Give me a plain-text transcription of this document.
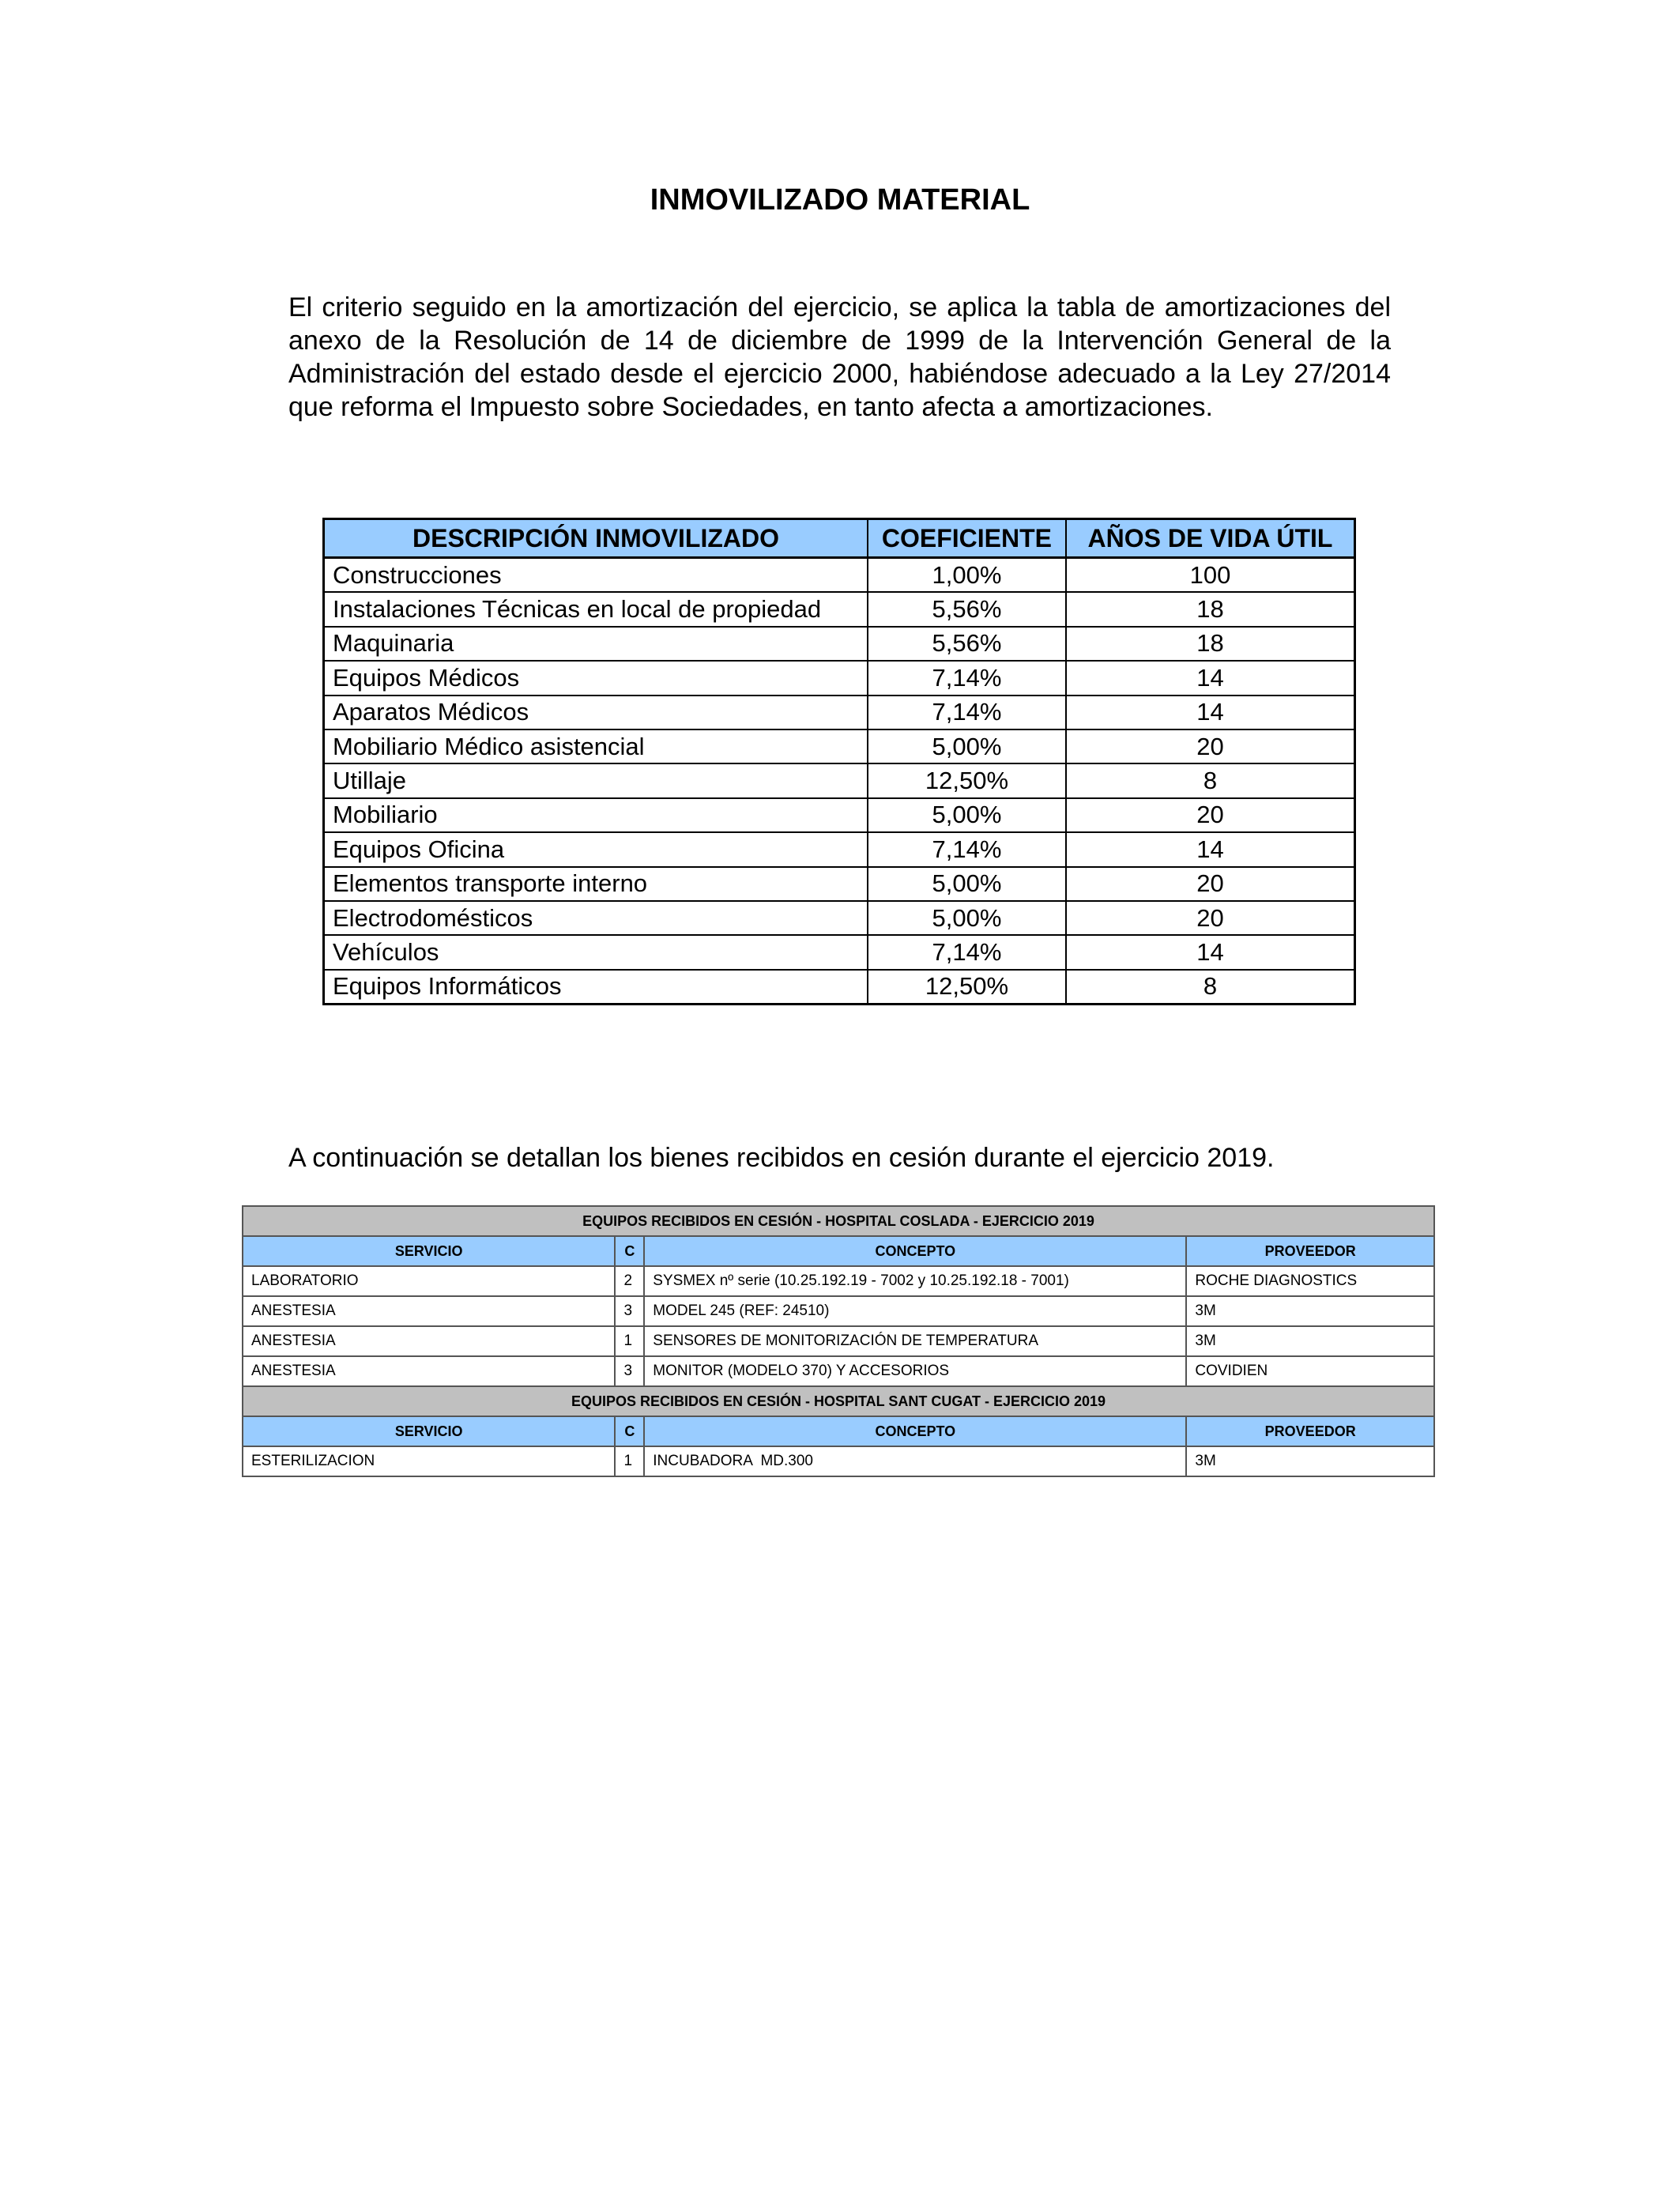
INMOVILIZADO MATERIAL

El criterio seguido en la amortización del ejercicio, se aplica la tabla de amortizaciones del anexo de la Resolución de 14 de diciembre de 1999 de la Intervención General de la Administración del estado desde el ejercicio 2000, habiéndose adecuado a la Ley 27/2014 que reforma el Impuesto sobre Sociedades, en tanto afecta a amortizaciones.

DESCRIPCIÓN INMOVILIZADO	COEFICIENTE	AÑOS DE VIDA ÚTIL
Construcciones	1,00%	100
Instalaciones Técnicas en local de propiedad	5,56%	18
Maquinaria	5,56%	18
Equipos Médicos	7,14%	14
Aparatos Médicos	7,14%	14
Mobiliario Médico asistencial	5,00%	20
Utillaje	12,50%	8
Mobiliario	5,00%	20
Equipos Oficina	7,14%	14
Elementos transporte interno	5,00%	20
Electrodomésticos	5,00%	20
Vehículos	7,14%	14
Equipos Informáticos	12,50%	8

A continuación se detallan los bienes recibidos en cesión durante el ejercicio 2019.

EQUIPOS RECIBIDOS EN CESIÓN - HOSPITAL COSLADA - EJERCICIO 2019			
SERVICIO	C	CONCEPTO	PROVEEDOR
LABORATORIO	2	SYSMEX nº serie (10.25.192.19 - 7002 y 10.25.192.18 - 7001)	ROCHE DIAGNOSTICS
ANESTESIA	3	MODEL 245 (REF: 24510)	3M
ANESTESIA	1	SENSORES DE MONITORIZACIÓN DE TEMPERATURA	3M
ANESTESIA	3	MONITOR (MODELO 370) Y ACCESORIOS	COVIDIEN
EQUIPOS RECIBIDOS EN CESIÓN - HOSPITAL SANT CUGAT - EJERCICIO 2019			
SERVICIO	C	CONCEPTO	PROVEEDOR
ESTERILIZACION	1	INCUBADORA  MD.300	3M
